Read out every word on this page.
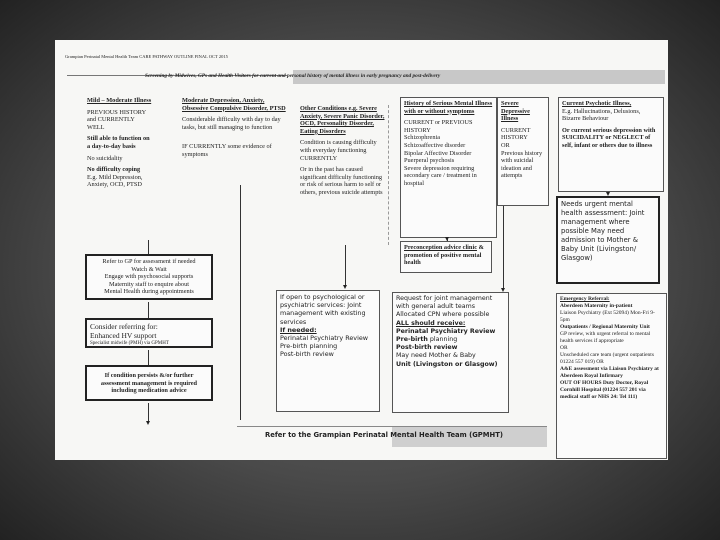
Grampian Perinatal Mental Health Team CARE PATHWAY OUTLINE FINAL OCT 2015
Screening by Midwives, GPs and Health Visitors for current and personal history of mental illness in early pregnancy and post-delivery

Mild – Moderate Illness

PREVIOUS HISTORY and CURRENTLY WELL

Still able to function on a day-to-day basis

No suicidality

No difficulty coping

E.g. Mild Depression, Anxiety, OCD, PTSD

Moderate Depression, Anxiety, Obsessive Compulsive Disorder, PTSD

Considerable difficulty with day to day tasks, but still managing to function

IF CURRENTLY some evidence of symptoms

Other Conditions e.g. Severe Anxiety, Severe Panic Disorder, OCD, Personality Disorder, Eating Disorders

Condition is causing difficulty with everyday functioning CURRENTLY

Or in the past has caused significant difficulty functioning or risk of serious harm to self or others, previous suicide attempts

History of Serious Mental Illness with or without symptoms

CURRENT or PREVIOUS HISTORY
Schizophrenia
Schizoaffective disorder
Bipolar Affective Disorder
Puerperal psychosis
Severe depression requiring secondary care / treatment in hospital

Severe Depressive Illness

CURRENT HISTORY
OR
Previous history with suicidal ideation and attempts
Current Psychotic Illness,

E.g. Hallucinations, Delusions, Bizarre Behaviour

Or current serious depression with SUICIDALITY or NEGLECT of self, infant or others due to illness

Needs urgent mental health assessment: Joint management where possible May need admission to Mother & Baby Unit (Livingston/ Glasgow)
Preconception advice clinic & promotion of positive mental health
Refer to GP for assessment if needed
Watch & Wait
Engage with psychosocial supports
Maternity staff to enquire about
Mental Health during appointments
Consider referring for:
Enhanced HV support
Specialist midwife (PMH) via GPMHT
If condition persists &/or further assessment management is required including medication advice
If open to psychological or psychiatric services: Joint management with existing services
If needed:
Perinatal Psychiatry Review
Pre-birth planning
Post-birth review
Request for joint management with general adult teams
Allocated CPN where possible
ALL should receive:
Perinatal Psychiatry Review
Pre-birth planning
Post-birth review
May need Mother & Baby
Unit (Livingston or Glasgow)
Emergency Referral:
Aberdeen Maternity in-patient
Liaison Psychiatry (Ext 52094) Mon-Fri 9-5pm
Outpatients / Regional Maternity Unit
GP review, with urgent referral to mental health services if appropriate
OR
Unscheduled care team (urgent outpatients 01224 557 019) OR
A&E assessment via Liaison Psychiatry at Aberdeen Royal Infirmary
OUT OF HOURS Duty Doctor, Royal Cornhill Hospital (01224 557 201 via medical staff or NHS 24: Tel 111)
Refer to the Grampian Perinatal Mental Health Team (GPMHT)
